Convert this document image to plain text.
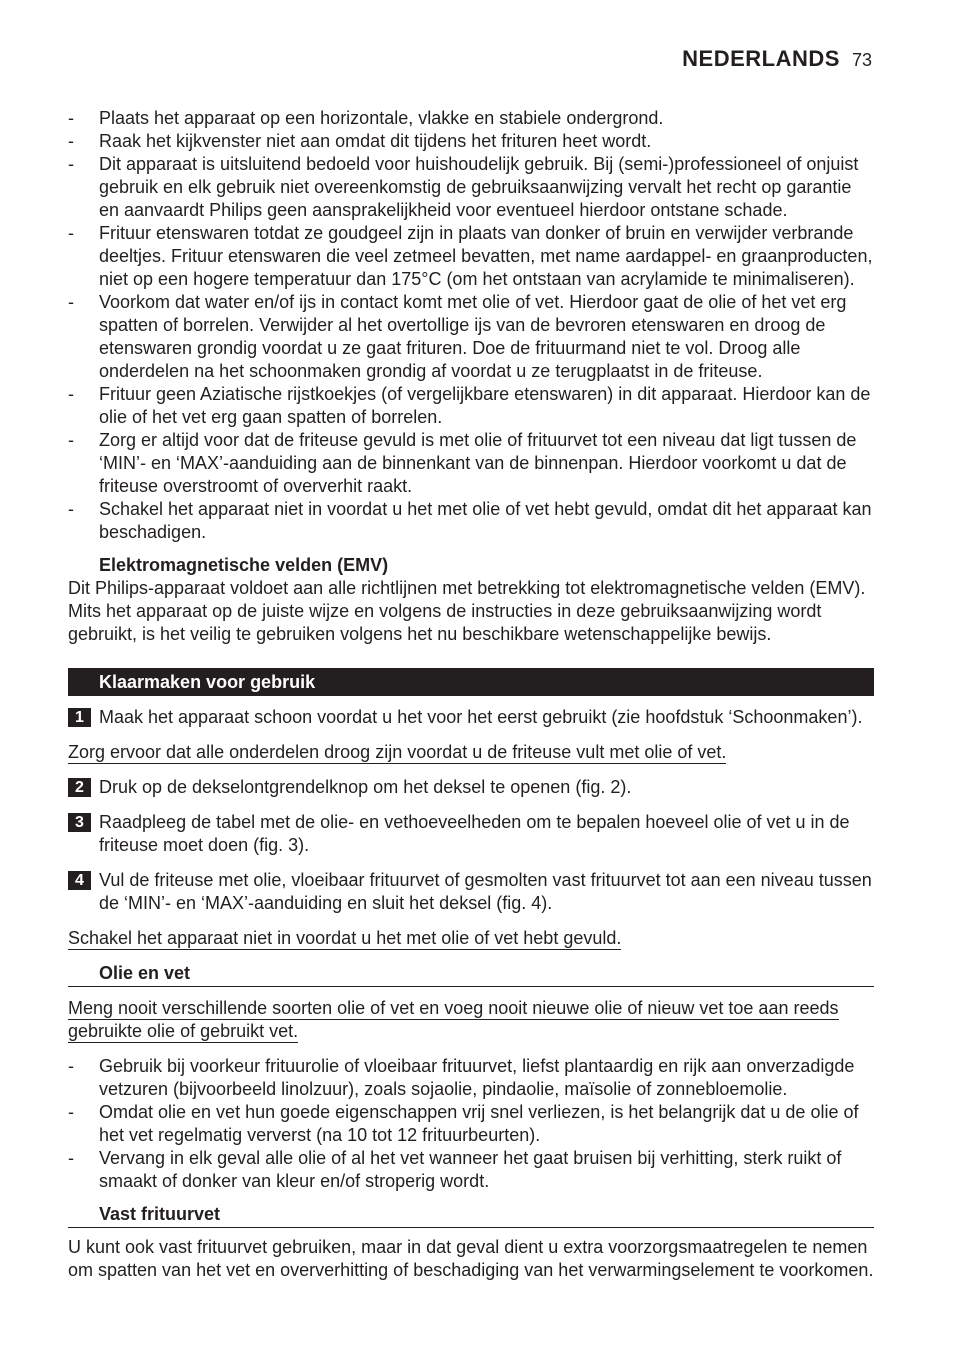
NEDERLANDS 73
- Plaats het apparaat op een horizontale, vlakke en stabiele ondergrond.
- Raak het kijkvenster niet aan omdat dit tijdens het frituren heet wordt.
- Dit apparaat is uitsluitend bedoeld voor huishoudelijk gebruik. Bij (semi-)professioneel of onjuist gebruik en elk gebruik niet overeenkomstig de gebruiksaanwijzing vervalt het recht op garantie en aanvaardt Philips geen aansprakelijkheid voor eventueel hierdoor ontstane schade.
- Frituur etenswaren totdat ze goudgeel zijn in plaats van donker of bruin en verwijder verbrande deeltjes. Frituur etenswaren die veel zetmeel bevatten, met name aardappel- en graanproducten, niet op een hogere temperatuur dan 175°C (om het ontstaan van acrylamide te minimaliseren).
- Voorkom dat water en/of ijs in contact komt met olie of vet. Hierdoor gaat de olie of het vet erg spatten of borrelen. Verwijder al het overtollige ijs van de bevroren etenswaren en droog de etenswaren grondig voordat u ze gaat frituren. Doe de frituurmand niet te vol. Droog alle onderdelen na het schoonmaken grondig af voordat u ze terugplaatst in de friteuse.
- Frituur geen Aziatische rijstkoekjes (of vergelijkbare etenswaren) in dit apparaat. Hierdoor kan de olie of het vet erg gaan spatten of borrelen.
- Zorg er altijd voor dat de friteuse gevuld is met olie of frituurvet tot een niveau dat ligt tussen de ‘MIN’- en ‘MAX’-aanduiding aan de binnenkant van de binnenpan. Hierdoor voorkomt u dat de friteuse overstroomt of oververhit raakt.
- Schakel het apparaat niet in voordat u het met olie of vet hebt gevuld, omdat dit het apparaat kan beschadigen.
Elektromagnetische velden (EMV)

Dit Philips-apparaat voldoet aan alle richtlijnen met betrekking tot elektromagnetische velden (EMV). Mits het apparaat op de juiste wijze en volgens de instructies in deze gebruiksaanwijzing wordt gebruikt, is het veilig te gebruiken volgens het nu beschikbare wetenschappelijke bewijs.

Klaarmaken voor gebruik
1 Maak het apparaat schoon voordat u het voor het eerst gebruikt (zie hoofdstuk ‘Schoonmaken’).
Zorg ervoor dat alle onderdelen droog zijn voordat u de friteuse vult met olie of vet.
2 Druk op de dekselontgrendelknop om het deksel te openen (fig. 2).
3 Raadpleeg de tabel met de olie- en vethoeveelheden om te bepalen hoeveel olie of vet u in de friteuse moet doen (fig. 3).
4 Vul de friteuse met olie, vloeibaar frituurvet of gesmolten vast frituurvet tot aan een niveau tussen de ‘MIN’- en ‘MAX’-aanduiding en sluit het deksel (fig. 4).
Schakel het apparaat niet in voordat u het met olie of vet hebt gevuld.
Olie en vet
Meng nooit verschillende soorten olie of vet en voeg nooit nieuwe olie of nieuw vet toe aan reeds gebruikte olie of gebruikt vet.
- Gebruik bij voorkeur frituurolie of vloeibaar frituurvet, liefst plantaardig en rijk aan onverzadigde vetzuren (bijvoorbeeld linolzuur), zoals sojaolie, pindaolie, maïsolie of zonnebloemolie.
- Omdat olie en vet hun goede eigenschappen vrij snel verliezen, is het belangrijk dat u de olie of het vet regelmatig ververst (na 10 tot 12 frituurbeurten).
- Vervang in elk geval alle olie of al het vet wanneer het gaat bruisen bij verhitting, sterk ruikt of smaakt of donker van kleur en/of stroperig wordt.
Vast frituurvet

U kunt ook vast frituurvet gebruiken, maar in dat geval dient u extra voorzorgsmaatregelen te nemen om spatten van het vet en oververhitting of beschadiging van het verwarmingselement te voorkomen.
